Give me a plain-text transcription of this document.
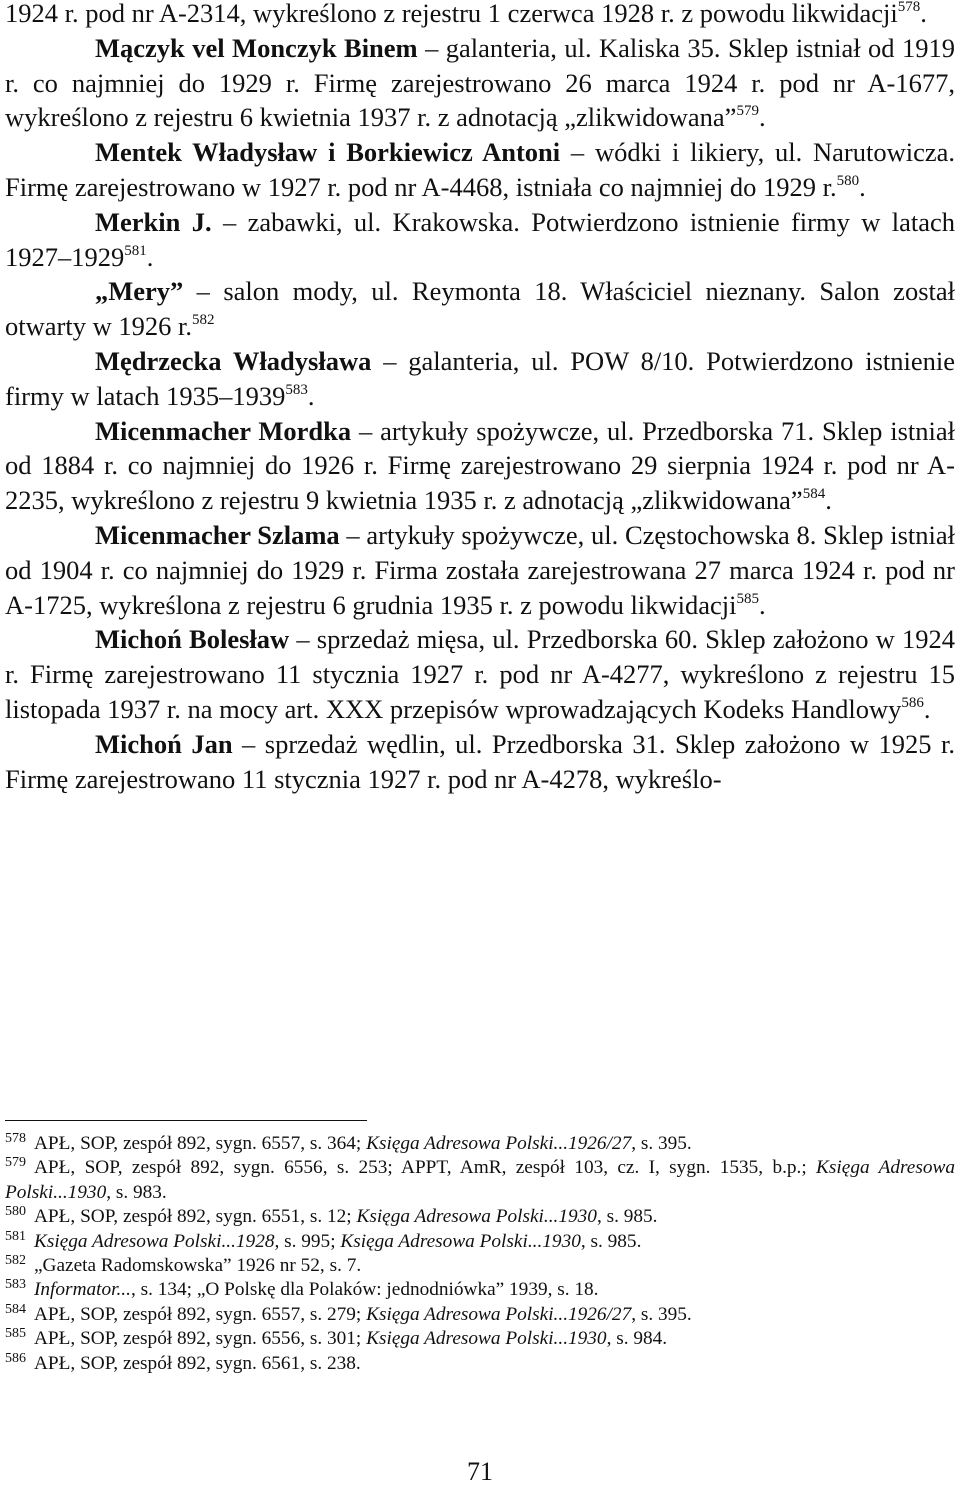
1924 r. pod nr A-2314, wykreślono z rejestru 1 czerwca 1928 r. z powodu likwidacji$^{578}$.

Mączyk vel Monczyk Binem – galanteria, ul. Kaliska 35. Sklep istniał od 1919 r. co najmniej do 1929 r. Firmę zarejestrowano 26 marca 1924 r. pod nr A-1677, wykreślono z rejestru 6 kwietnia 1937 r. z adnotacją „zlikwidowana”$^{579}$.

Mentek Władysław i Borkiewicz Antoni – wódki i likiery, ul. Narutowicza. Firmę zarejestrowano w 1927 r. pod nr A-4468, istniała co najmniej do 1929 r.$^{580}$.

Merkin J. – zabawki, ul. Krakowska. Potwierdzono istnienie firmy w latach 1927–1929$^{581}$.

„Mery” – salon mody, ul. Reymonta 18. Właściciel nieznany. Salon został otwarty w 1926 r.$^{582}$

Mędrzecka Władysława – galanteria, ul. POW 8/10. Potwierdzono istnienie firmy w latach 1935–1939$^{583}$.

Micenmacher Mordka – artykuły spożywcze, ul. Przedborska 71. Sklep istniał od 1884 r. co najmniej do 1926 r. Firmę zarejestrowano 29 sierpnia 1924 r. pod nr A-2235, wykreślono z rejestru 9 kwietnia 1935 r. z adnotacją „zlikwidowana”$^{584}$.

Micenmacher Szlama – artykuły spożywcze, ul. Częstochowska 8. Sklep istniał od 1904 r. co najmniej do 1929 r. Firma została zarejestrowana 27 marca 1924 r. pod nr A-1725, wykreślona z rejestru 6 grudnia 1935 r. z powodu likwidacji$^{585}$.

Michoń Bolesław – sprzedaż mięsa, ul. Przedborska 60. Sklep założono w 1924 r. Firmę zarejestrowano 11 stycznia 1927 r. pod nr A-4277, wykreślono z rejestru 15 listopada 1937 r. na mocy art. XXX przepisów wprowadzających Kodeks Handlowy$^{586}$.

Michoń Jan – sprzedaż wędlin, ul. Przedborska 31. Sklep założono w 1925 r. Firmę zarejestrowano 11 stycznia 1927 r. pod nr A-4278, wykreślo-

$^{578}$ APŁ, SOP, zespół 892, sygn. 6557, s. 364; Księga Adresowa Polski...1926/27, s. 395.

$^{579}$ APŁ, SOP, zespół 892, sygn. 6556, s. 253; APPT, AmR, zespół 103, cz. I, sygn. 1535, b.p.; Księga Adresowa Polski...1930, s. 983.

$^{580}$ APŁ, SOP, zespół 892, sygn. 6551, s. 12; Księga Adresowa Polski...1930, s. 985.

$^{581}$ Księga Adresowa Polski...1928, s. 995; Księga Adresowa Polski...1930, s. 985.

$^{582}$ „Gazeta Radomskowska” 1926 nr 52, s. 7.

$^{583}$ Informator..., s. 134; „O Polskę dla Polaków: jednodniówka” 1939, s. 18.

$^{584}$ APŁ, SOP, zespół 892, sygn. 6557, s. 279; Księga Adresowa Polski...1926/27, s. 395.

$^{585}$ APŁ, SOP, zespół 892, sygn. 6556, s. 301; Księga Adresowa Polski...1930, s. 984.

$^{586}$ APŁ, SOP, zespół 892, sygn. 6561, s. 238.

71
